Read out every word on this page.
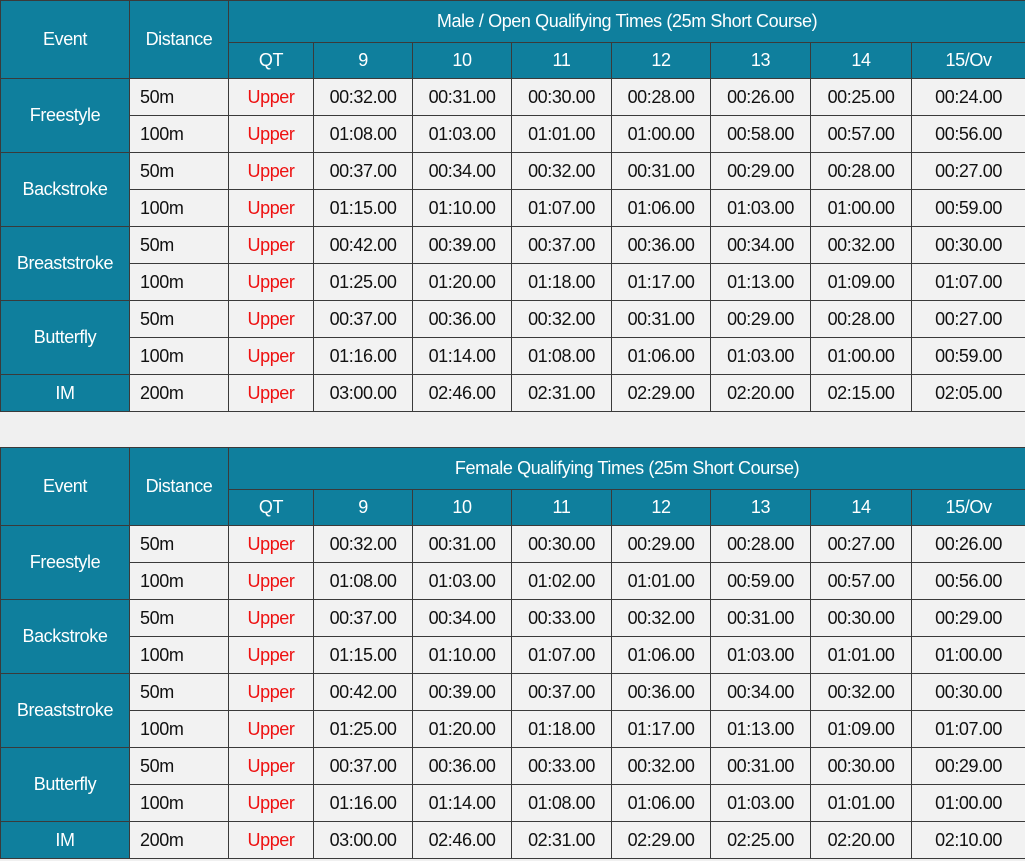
Event	Distance	Male / Open Qualifying Times (25m Short Course)							
		QT	9	10	11	12	13	14	15/Ov
Freestyle	50m	Upper	00:32.00	00:31.00	00:30.00	00:28.00	00:26.00	00:25.00	00:24.00
	100m	Upper	01:08.00	01:03.00	01:01.00	01:00.00	00:58.00	00:57.00	00:56.00
Backstroke	50m	Upper	00:37.00	00:34.00	00:32.00	00:31.00	00:29.00	00:28.00	00:27.00
	100m	Upper	01:15.00	01:10.00	01:07.00	01:06.00	01:03.00	01:00.00	00:59.00
Breaststroke	50m	Upper	00:42.00	00:39.00	00:37.00	00:36.00	00:34.00	00:32.00	00:30.00
	100m	Upper	01:25.00	01:20.00	01:18.00	01:17.00	01:13.00	01:09.00	01:07.00
Butterfly	50m	Upper	00:37.00	00:36.00	00:32.00	00:31.00	00:29.00	00:28.00	00:27.00
	100m	Upper	01:16.00	01:14.00	01:08.00	01:06.00	01:03.00	01:00.00	00:59.00
IM	200m	Upper	03:00.00	02:46.00	02:31.00	02:29.00	02:20.00	02:15.00	02:05.00
Event	Distance	Female Qualifying Times (25m Short Course)							
		QT	9	10	11	12	13	14	15/Ov
Freestyle	50m	Upper	00:32.00	00:31.00	00:30.00	00:29.00	00:28.00	00:27.00	00:26.00
	100m	Upper	01:08.00	01:03.00	01:02.00	01:01.00	00:59.00	00:57.00	00:56.00
Backstroke	50m	Upper	00:37.00	00:34.00	00:33.00	00:32.00	00:31.00	00:30.00	00:29.00
	100m	Upper	01:15.00	01:10.00	01:07.00	01:06.00	01:03.00	01:01.00	01:00.00
Breaststroke	50m	Upper	00:42.00	00:39.00	00:37.00	00:36.00	00:34.00	00:32.00	00:30.00
	100m	Upper	01:25.00	01:20.00	01:18.00	01:17.00	01:13.00	01:09.00	01:07.00
Butterfly	50m	Upper	00:37.00	00:36.00	00:33.00	00:32.00	00:31.00	00:30.00	00:29.00
	100m	Upper	01:16.00	01:14.00	01:08.00	01:06.00	01:03.00	01:01.00	01:00.00
IM	200m	Upper	03:00.00	02:46.00	02:31.00	02:29.00	02:25.00	02:20.00	02:10.00
